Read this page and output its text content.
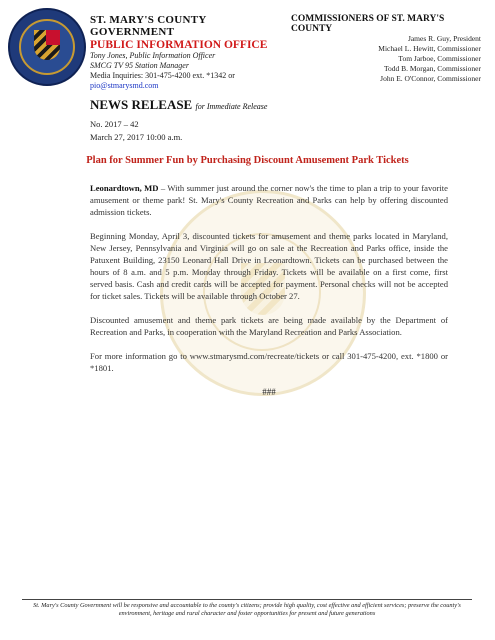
ST. MARY'S COUNTY GOVERNMENT
PUBLIC INFORMATION OFFICE
Tony Jones, Public Information Officer
SMCG TV 95 Station Manager
Media Inquiries: 301-475-4200 ext. *1342 or pio@stmarysmd.com
COMMISSIONERS OF ST. MARY'S COUNTY
James R. Guy, President
Michael L. Hewitt, Commissioner
Tom Jarboe, Commissioner
Todd B. Morgan, Commissioner
John E. O'Connor, Commissioner
NEWS RELEASE for Immediate Release
No. 2017 – 42
March 27, 2017 10:00 a.m.
Plan for Summer Fun by Purchasing Discount Amusement Park Tickets

Leonardtown, MD – With summer just around the corner now's the time to plan a trip to your favorite amusement or theme park! St. Mary's County Recreation and Parks can help by offering discounted admission tickets.

Beginning Monday, April 3, discounted tickets for amusement and theme parks located in Maryland, New Jersey, Pennsylvania and Virginia will go on sale at the Recreation and Parks office, inside the Patuxent Building, 23150 Leonard Hall Drive in Leonardtown. Tickets can be purchased between the hours of 8 a.m. and 5 p.m. Monday through Friday. Tickets will be available on a first come, first served basis. Cash and credit cards will be accepted for payment. Personal checks will not be accepted for ticket sales. Tickets will be available through October 27.

Discounted amusement and theme park tickets are being made available by the Department of Recreation and Parks, in cooperation with the Maryland Recreation and Parks Association.

For more information go to www.stmarysmd.com/recreate/tickets or call 301-475-4200, ext. *1800 or *1801.

###
St. Mary's County Government will be responsive and accountable to the county's citizens; provide high quality, cost effective and efficient services; preserve the county's environment, heritage and rural character and foster opportunities for present and future generations
